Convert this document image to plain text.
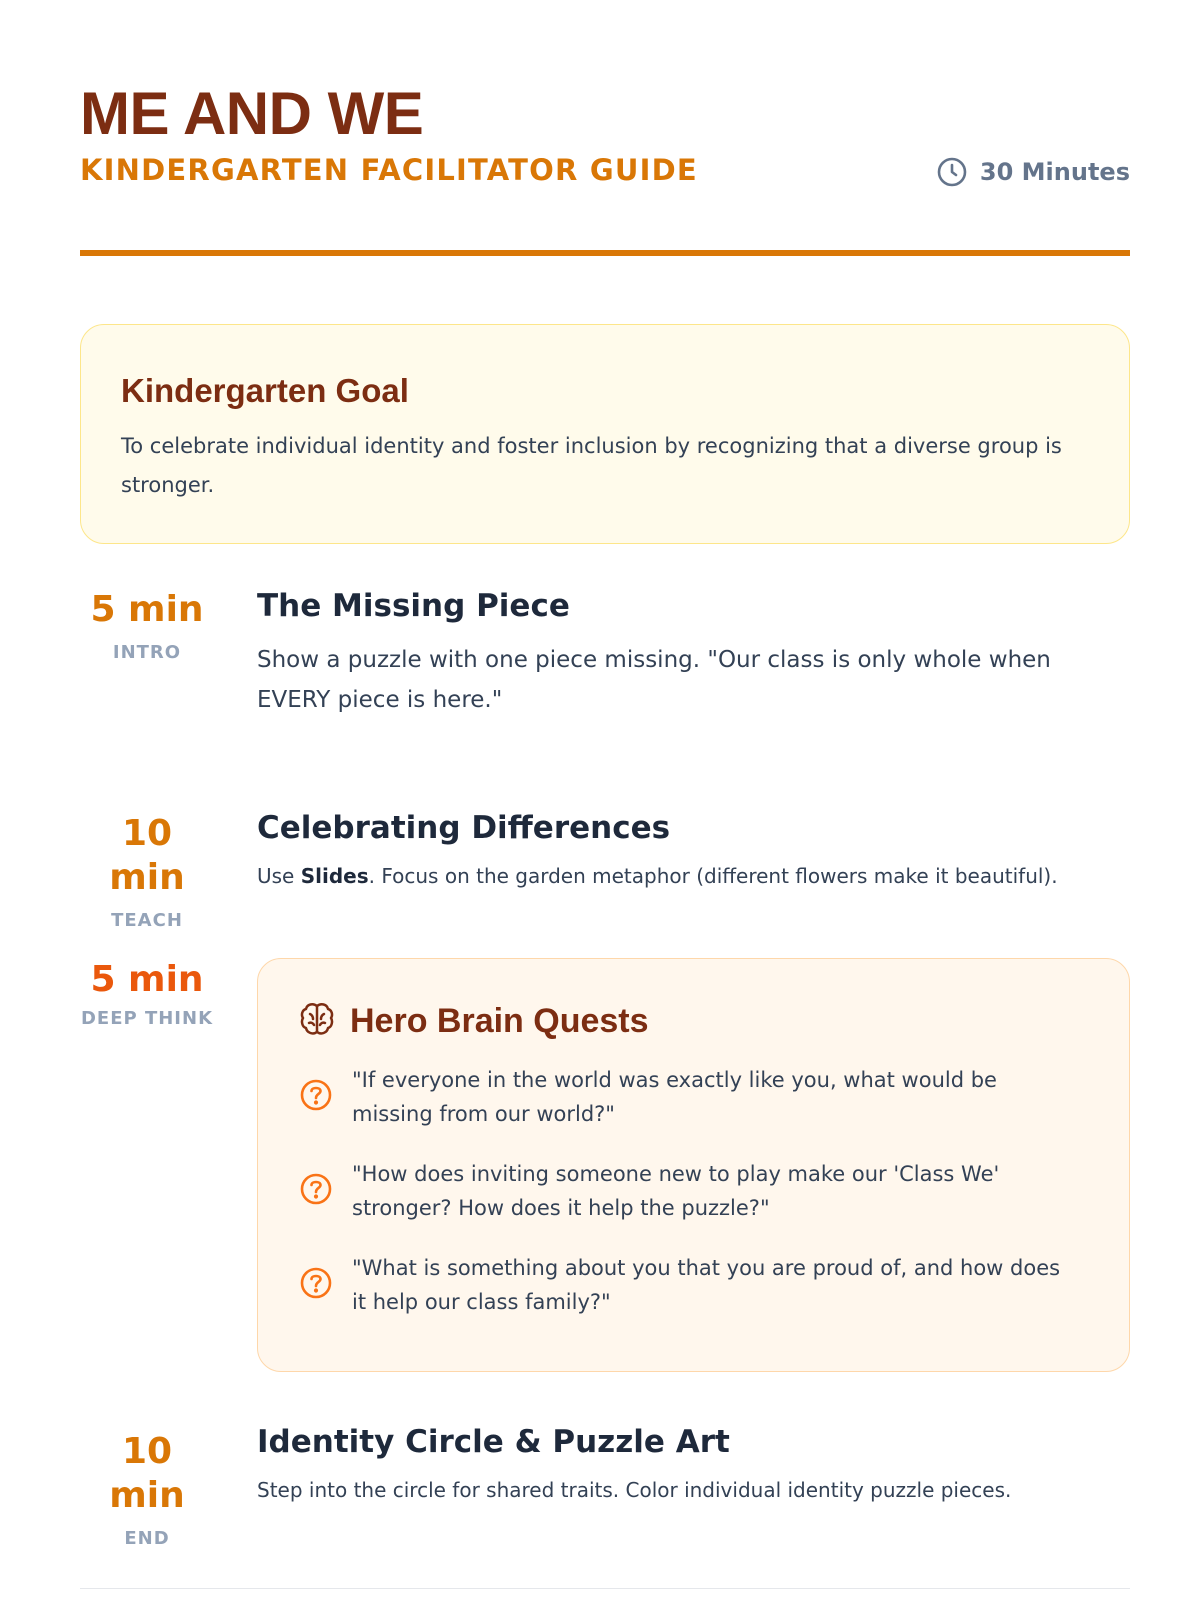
ME AND WE
KINDERGARTEN FACILITATOR GUIDE	30 Minutes
Kindergarten Goal

To celebrate individual identity and foster inclusion by recognizing that a diverse group is stronger.

5 min
INTRO
The Missing Piece

Show a puzzle with one piece missing. "Our class is only whole when EVERY piece is here."

10 min
TEACH
Celebrating Differences

Use Slides. Focus on the garden metaphor (different flowers make it beautiful).

5 min
DEEP THINK	Hero Brain Quests

"If everyone in the world was exactly like you, what would be missing from our world?"

"How does inviting someone new to play make our 'Class We' stronger? How does it help the puzzle?"

"What is something about you that you are proud of, and how does it help our class family?"

10 min
END
Identity Circle & Puzzle Art

Step into the circle for shared traits. Color individual identity puzzle pieces.
